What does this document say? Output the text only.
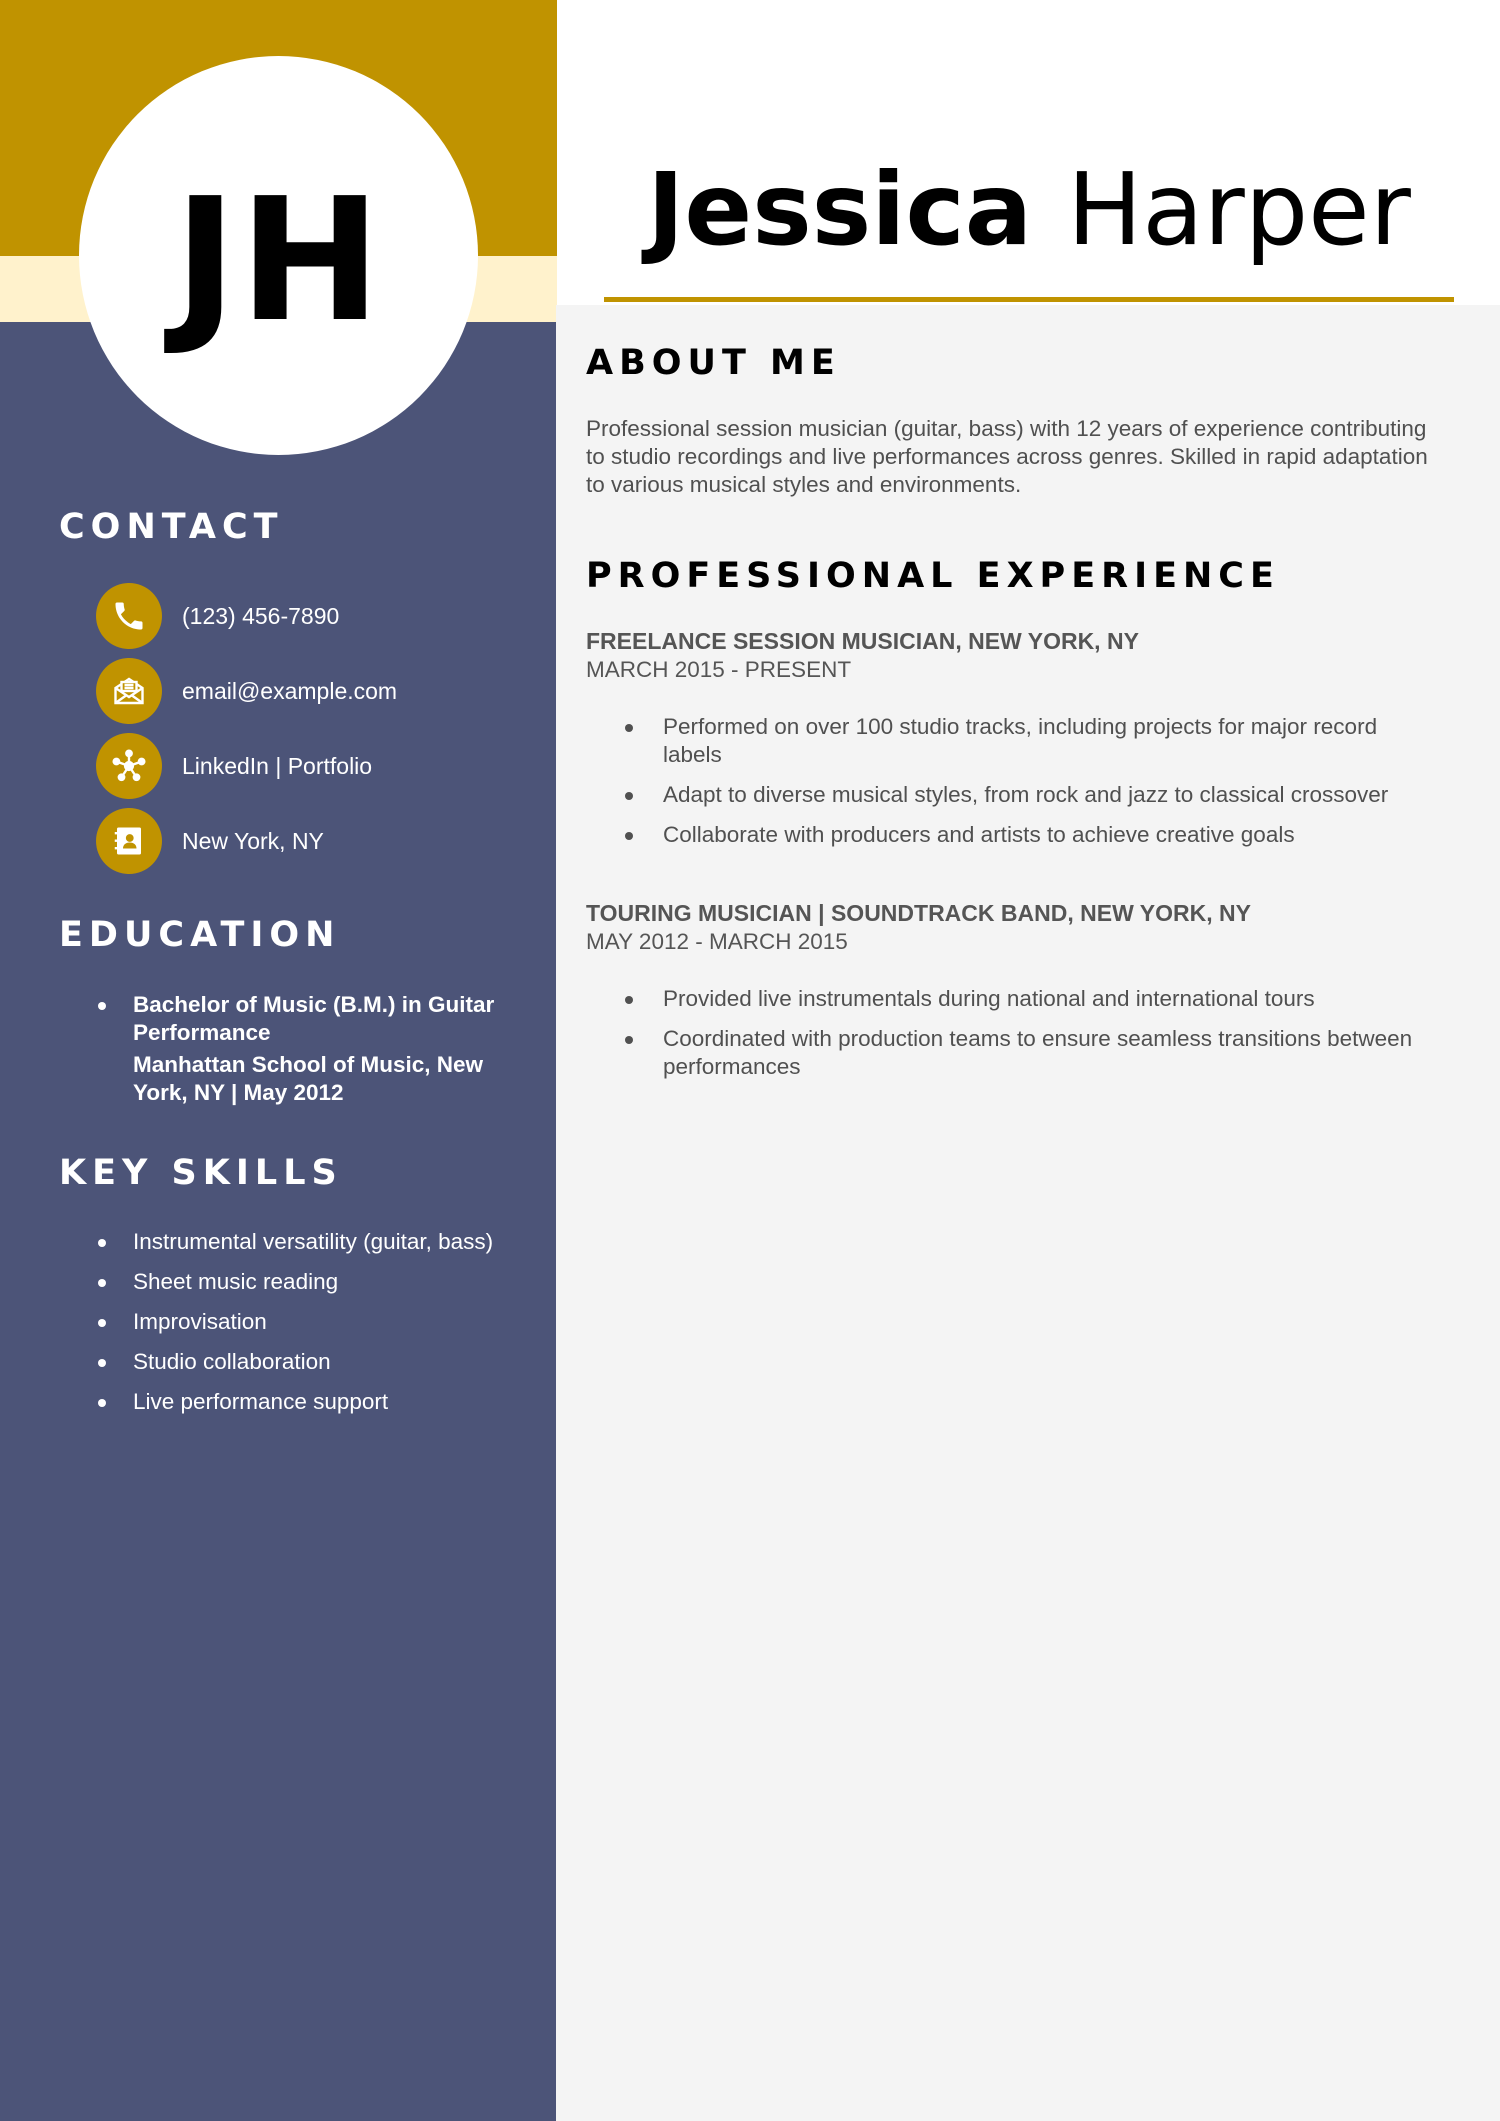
JH
CONTACT
(123) 456-7890
email@example.com
LinkedIn | Portfolio
New York, NY
EDUCATION
Bachelor of Music (B.M.) in Guitar Performance
Manhattan School of Music, New York, NY | May 2012
KEY SKILLS
Instrumental versatility (guitar, bass)
Sheet music reading
Improvisation
Studio collaboration
Live performance support
Jessica Harper
ABOUT ME

Professional session musician (guitar, bass) with 12 years of experience contributing to studio recordings and live performances across genres. Skilled in rapid adaptation to various musical styles and environments.

PROFESSIONAL EXPERIENCE
FREELANCE SESSION MUSICIAN, NEW YORK, NY
MARCH 2015 - PRESENT
Performed on over 100 studio tracks, including projects for major record labels
Adapt to diverse musical styles, from rock and jazz to classical crossover
Collaborate with producers and artists to achieve creative goals
TOURING MUSICIAN | SOUNDTRACK BAND, NEW YORK, NY
MAY 2012 - MARCH 2015
Provided live instrumentals during national and international tours
Coordinated with production teams to ensure seamless transitions between performances
